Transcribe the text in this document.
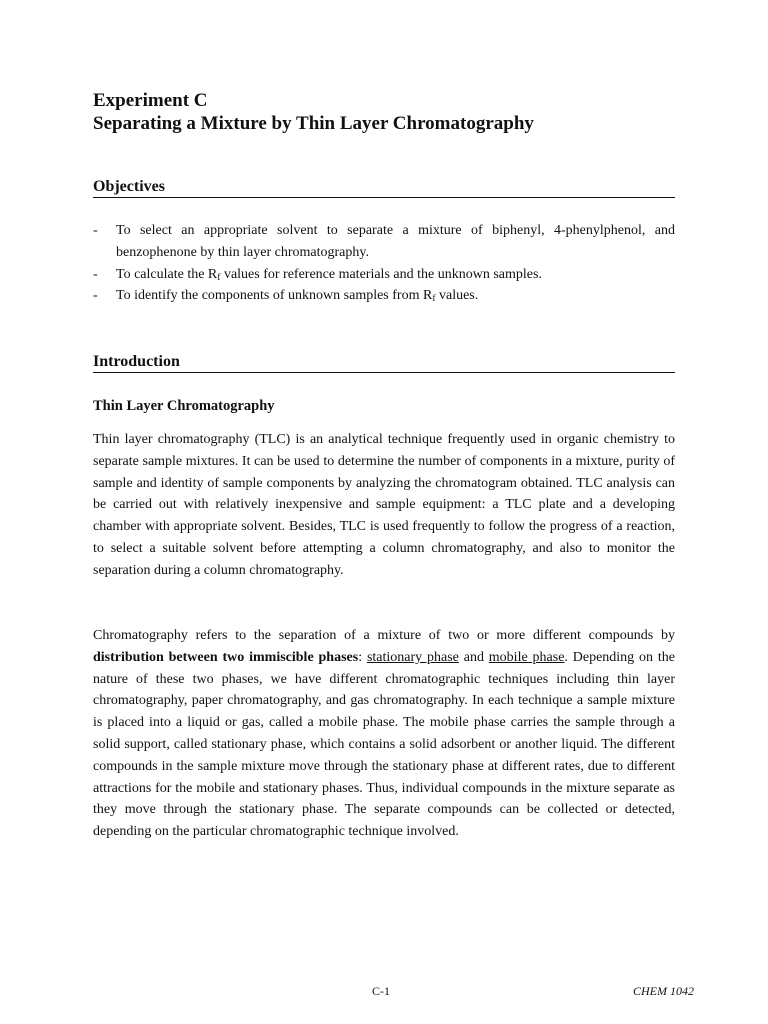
Experiment C

Separating a Mixture by Thin Layer Chromatography

Objectives
- To select an appropriate solvent to separate a mixture of biphenyl, 4-phenylphenol, and benzophenone by thin layer chromatography.
- To calculate the $R_f$ values for reference materials and the unknown samples.
- To identify the components of unknown samples from $R_f$ values.
Introduction
Thin Layer Chromatography

Thin layer chromatography (TLC) is an analytical technique frequently used in organic chemistry to separate sample mixtures. It can be used to determine the number of components in a mixture, purity of sample and identity of sample components by analyzing the chromatogram obtained. TLC analysis can be carried out with relatively inexpensive and sample equipment: a TLC plate and a developing chamber with appropriate solvent. Besides, TLC is used frequently to follow the progress of a reaction, to select a suitable solvent before attempting a column chromatography, and also to monitor the separation during a column chromatography.

Chromatography refers to the separation of a mixture of two or more different compounds by distribution between two immiscible phases: stationary phase and mobile phase. Depending on the nature of these two phases, we have different chromatographic techniques including thin layer chromatography, paper chromatography, and gas chromatography. In each technique a sample mixture is placed into a liquid or gas, called a mobile phase. The mobile phase carries the sample through a solid support, called stationary phase, which contains a solid adsorbent or another liquid. The different compounds in the sample mixture move through the stationary phase at different rates, due to different attractions for the mobile and stationary phases. Thus, individual compounds in the mixture separate as they move through the stationary phase. The separate compounds can be collected or detected, depending on the particular chromatographic technique involved.

C-1	CHEM 1042
